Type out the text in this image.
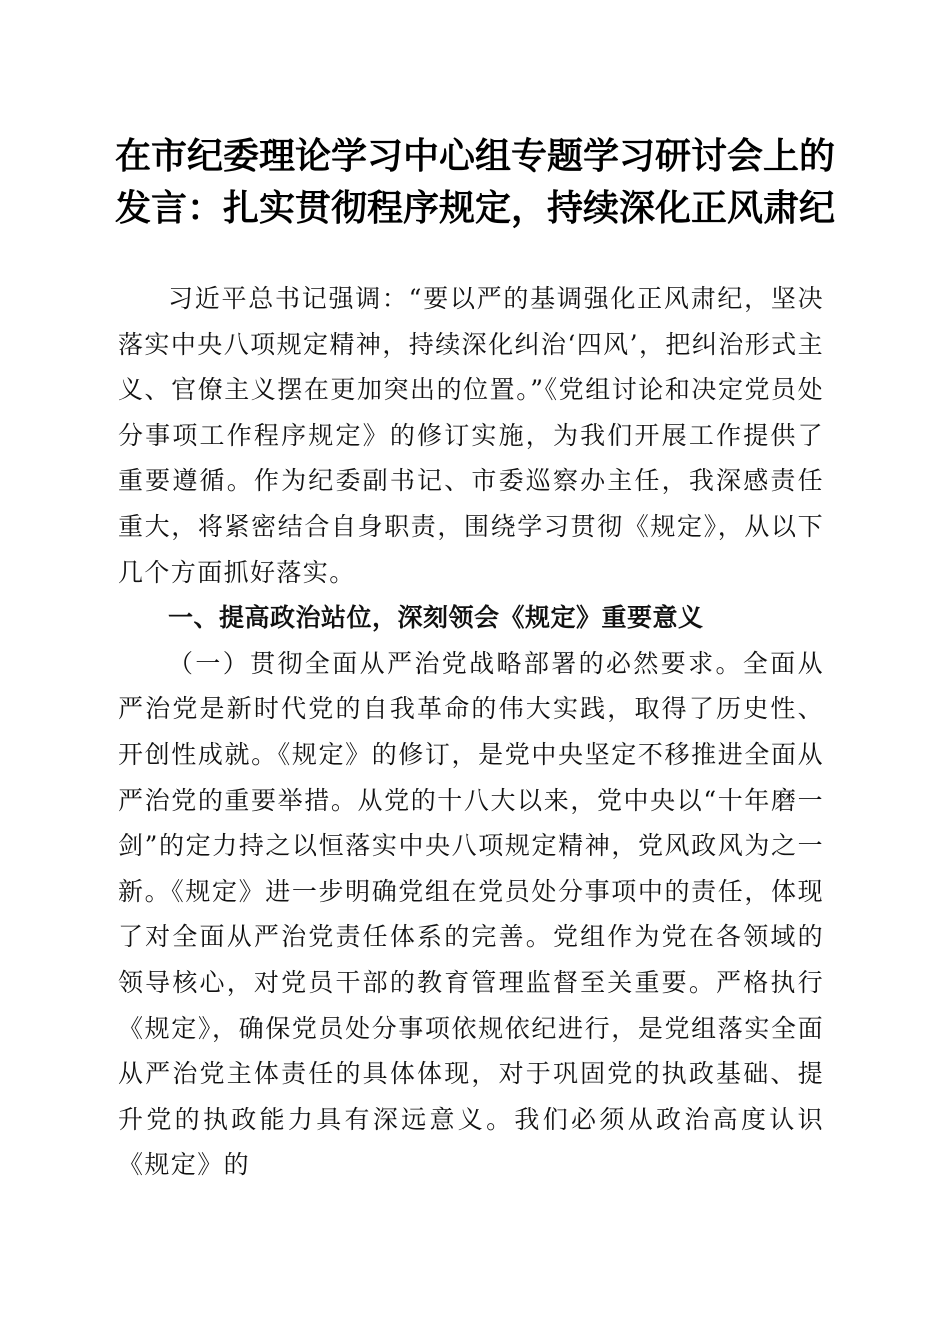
在市纪委理论学习中心组专题学习研讨会上的
发言：扎实贯彻程序规定，持续深化正风肃纪

习近平总书记强调：“要以严的基调强化正风肃纪，坚决落实中央八项规定精神，持续深化纠治‘四风’，把纠治形式主义、官僚主义摆在更加突出的位置。”《党组讨论和决定党员处分事项工作程序规定》的修订实施，为我们开展工作提供了重要遵循。作为纪委副书记、市委巡察办主任，我深感责任重大，将紧密结合自身职责，围绕学习贯彻《规定》，从以下几个方面抓好落实。

一、提高政治站位，深刻领会《规定》重要意义

（一）贯彻全面从严治党战略部署的必然要求。全面从严治党是新时代党的自我革命的伟大实践，取得了历史性、开创性成就。《规定》的修订，是党中央坚定不移推进全面从严治党的重要举措。从党的十八大以来，党中央以“十年磨一剑”的定力持之以恒落实中央八项规定精神，党风政风为之一新。《规定》进一步明确党组在党员处分事项中的责任，体现了对全面从严治党责任体系的完善。党组作为党在各领域的领导核心，对党员干部的教育管理监督至关重要。严格执行《规定》，确保党员处分事项依规依纪进行，是党组落实全面从严治党主体责任的具体体现，对于巩固党的执政基础、提升党的执政能力具有深远意义。我们必须从政治高度认识《规定》的
